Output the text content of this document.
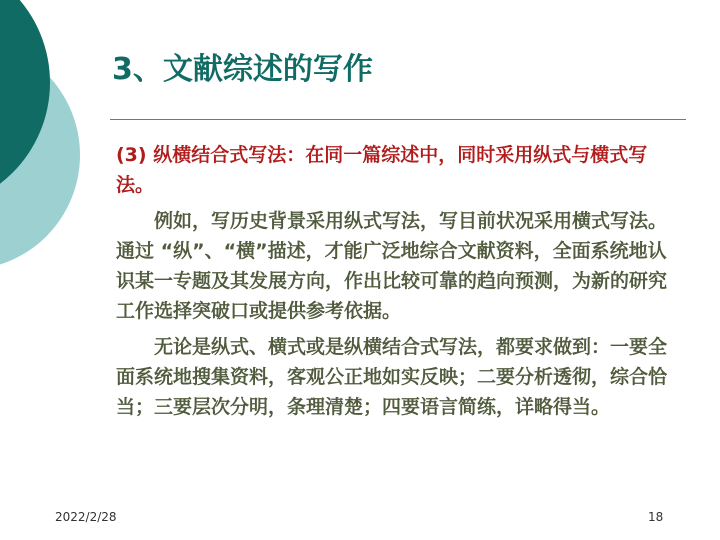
3、文献综述的写作

(3) 纵横结合式写法：在同一篇综述中，同时采用纵式与横式写法。

例如，写历史背景采用纵式写法，写目前状况采用横式写法。通过 “纵”、“横”描述，才能广泛地综合文献资料，全面系统地认识某一专题及其发展方向，作出比较可靠的趋向预测，为新的研究工作选择突破口或提供参考依据。

无论是纵式、横式或是纵横结合式写法，都要求做到：一要全面系统地搜集资料，客观公正地如实反映；二要分析透彻，综合恰当；三要层次分明，条理清楚；四要语言简练，详略得当。

2022/2/28	18
